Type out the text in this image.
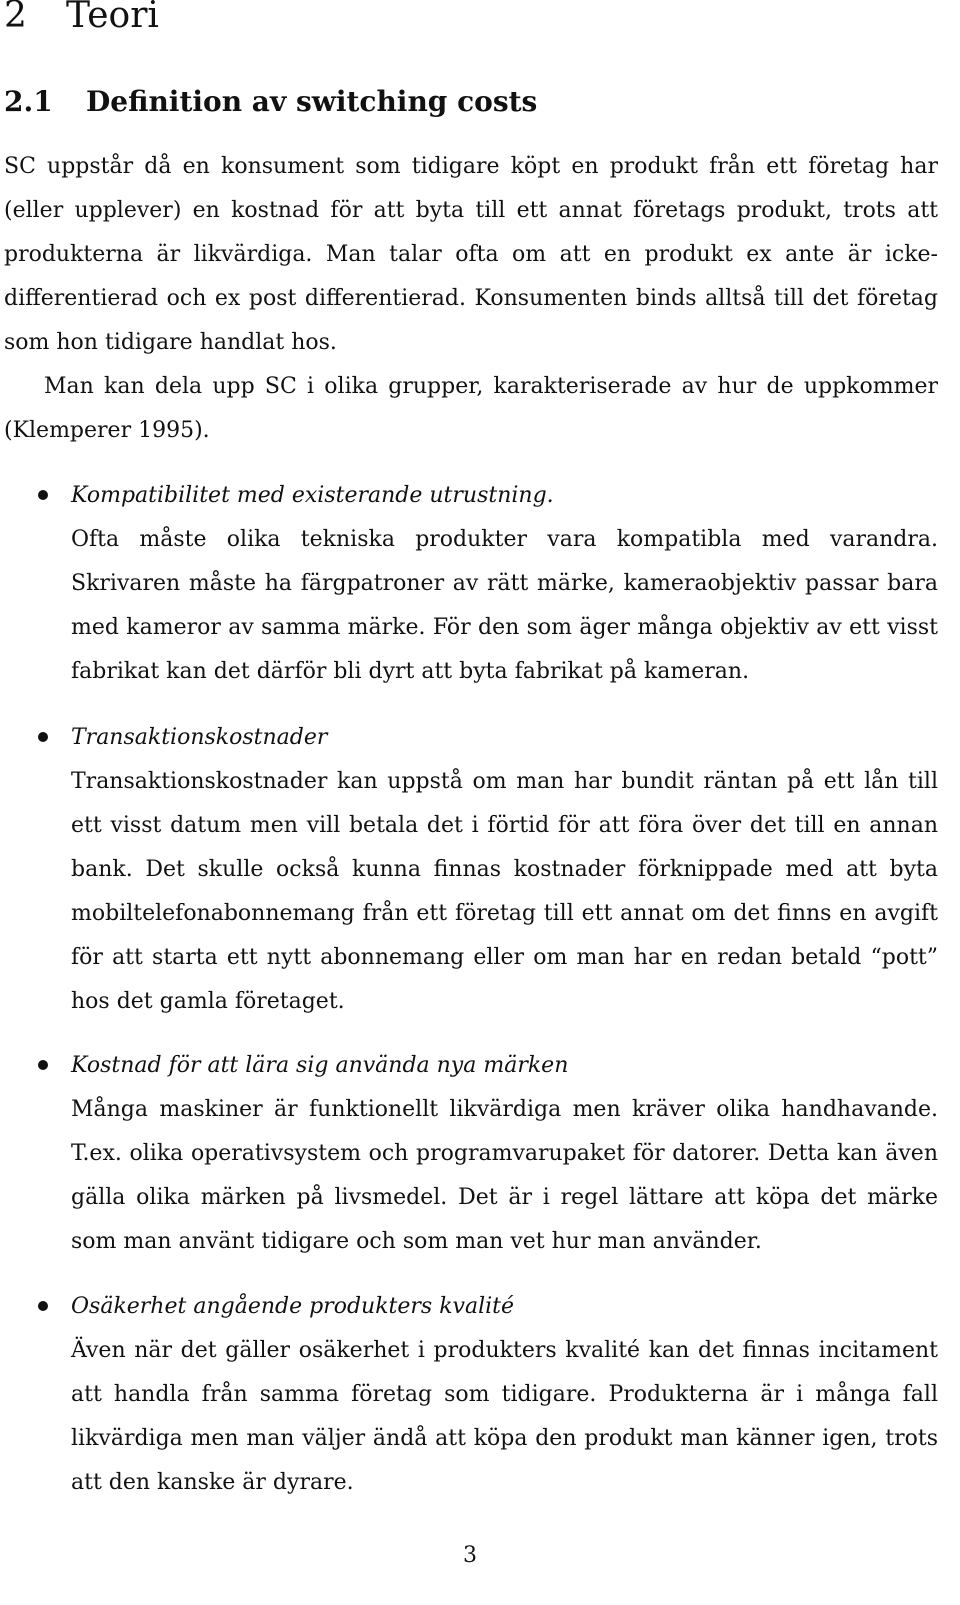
2 Teori
2.1 Definition av switching costs

SC uppstår då en konsument som tidigare köpt en produkt från ett företag har (eller upplever) en kostnad för att byta till ett annat företags produkt, trots att produkterna är likvärdiga. Man talar ofta om att en produkt ex ante är icke-differentierad och ex post differentierad. Konsumenten binds alltså till det företag som hon tidigare handlat hos.

Man kan dela upp SC i olika grupper, karakteriserade av hur de uppkommer (Klemperer 1995).

Kompatibilitet med existerande utrustning.

Ofta måste olika tekniska produkter vara kompatibla med varandra. Skrivaren måste ha färgpatroner av rätt märke, kameraobjektiv passar bara med kameror av samma märke. För den som äger många objektiv av ett visst fabrikat kan det därför bli dyrt att byta fabrikat på kameran.

Transaktionskostnader

Transaktionskostnader kan uppstå om man har bundit räntan på ett lån till ett visst datum men vill betala det i förtid för att föra över det till en annan bank. Det skulle också kunna finnas kostnader förknippade med att byta mobiltelefonabonnemang från ett företag till ett annat om det finns en avgift för att starta ett nytt abonnemang eller om man har en redan betald “pott” hos det gamla företaget.

Kostnad för att lära sig använda nya märken

Många maskiner är funktionellt likvärdiga men kräver olika handhavande. T.ex. olika operativsystem och programvarupaket för datorer. Detta kan även gälla olika märken på livsmedel. Det är i regel lättare att köpa det märke som man använt tidigare och som man vet hur man använder.

Osäkerhet angående produkters kvalité

Även när det gäller osäkerhet i produkters kvalité kan det finnas incitament att handla från samma företag som tidigare. Produkterna är i många fall likvärdiga men man väljer ändå att köpa den produkt man känner igen, trots att den kanske är dyrare.

3
